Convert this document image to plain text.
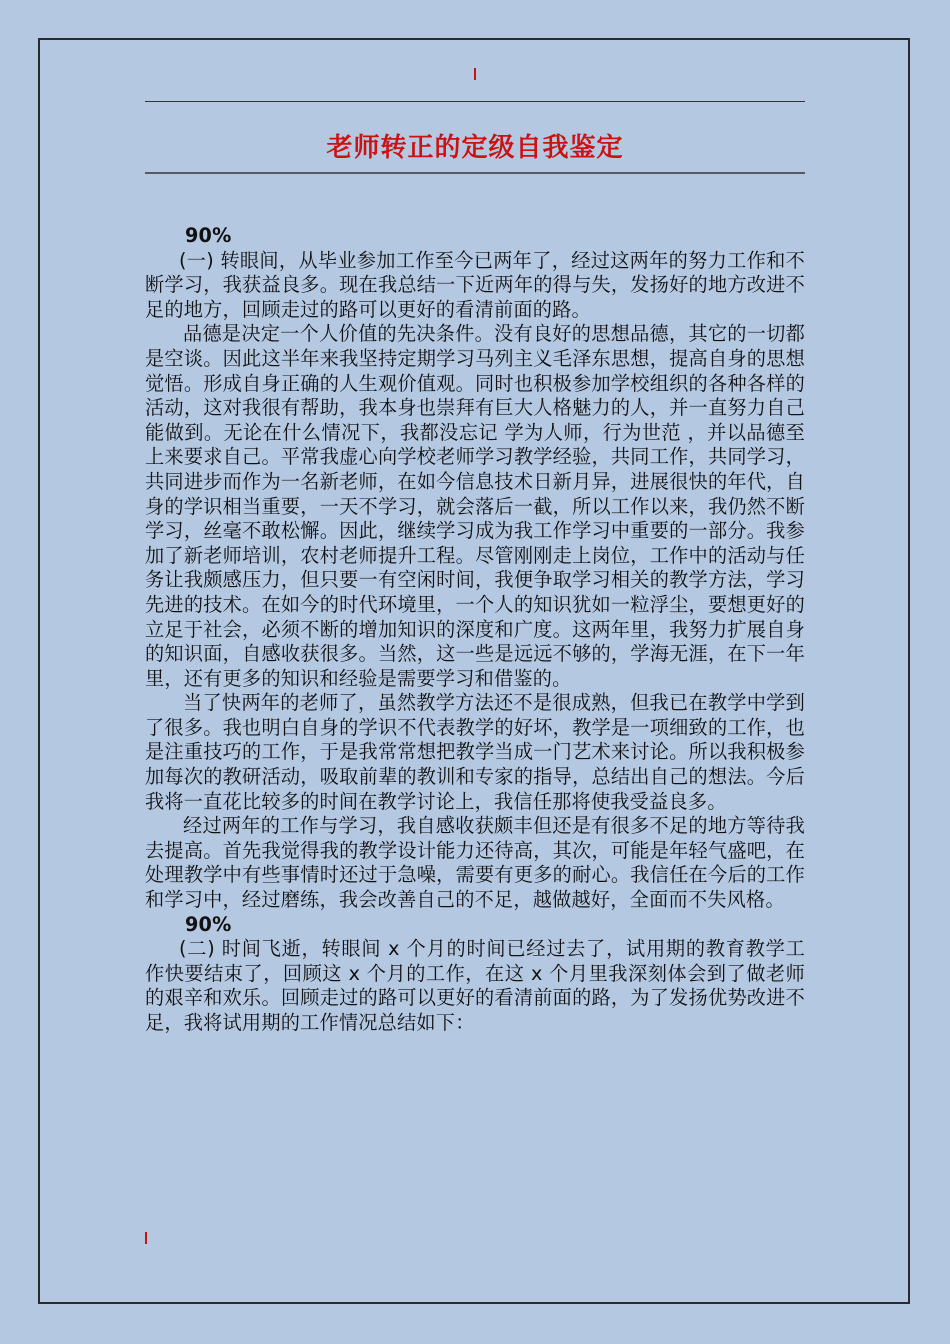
老师转正的定级自我鉴定

90%

(一) 转眼间，从毕业参加工作至今已两年了，经过这两年的努力工作和不断学习，我获益良多。现在我总结一下近两年的得与失，发扬好的地方改进不足的地方，回顾走过的路可以更好的看清前面的路。

品德是决定一个人价值的先决条件。没有良好的思想品德，其它的一切都是空谈。因此这半年来我坚持定期学习马列主义毛泽东思想，提高自身的思想觉悟。形成自身正确的人生观价值观。同时也积极参加学校组织的各种各样的活动，这对我很有帮助，我本身也崇拜有巨大人格魅力的人，并一直努力自己能做到。无论在什么情况下，我都没忘记 学为人师，行为世范 ，并以品德至上来要求自己。平常我虚心向学校老师学习教学经验，共同工作，共同学习，共同进步而作为一名新老师，在如今信息技术日新月异，进展很快的年代，自身的学识相当重要，一天不学习，就会落后一截，所以工作以来，我仍然不断学习，丝毫不敢松懈。因此，继续学习成为我工作学习中重要的一部分。我参加了新老师培训，农村老师提升工程。尽管刚刚走上岗位，工作中的活动与任务让我颇感压力，但只要一有空闲时间，我便争取学习相关的教学方法，学习先进的技术。在如今的时代环境里，一个人的知识犹如一粒浮尘，要想更好的立足于社会，必须不断的增加知识的深度和广度。这两年里，我努力扩展自身的知识面，自感收获很多。当然，这一些是远远不够的，学海无涯，在下一年里，还有更多的知识和经验是需要学习和借鉴的。

当了快两年的老师了，虽然教学方法还不是很成熟，但我已在教学中学到了很多。我也明白自身的学识不代表教学的好坏，教学是一项细致的工作，也是注重技巧的工作，于是我常常想把教学当成一门艺术来讨论。所以我积极参加每次的教研活动，吸取前辈的教训和专家的指导，总结出自己的想法。今后我将一直花比较多的时间在教学讨论上，我信任那将使我受益良多。

经过两年的工作与学习，我自感收获颇丰但还是有很多不足的地方等待我去提高。首先我觉得我的教学设计能力还待高，其次，可能是年轻气盛吧，在处理教学中有些事情时还过于急噪，需要有更多的耐心。我信任在今后的工作和学习中，经过磨练，我会改善自己的不足，越做越好，全面而不失风格。

90%

(二) 时间飞逝，转眼间 x 个月的时间已经过去了，试用期的教育教学工作快要结束了，回顾这 x 个月的工作，在这 x 个月里我深刻体会到了做老师的艰辛和欢乐。回顾走过的路可以更好的看清前面的路，为了发扬优势改进不足，我将试用期的工作情况总结如下：
